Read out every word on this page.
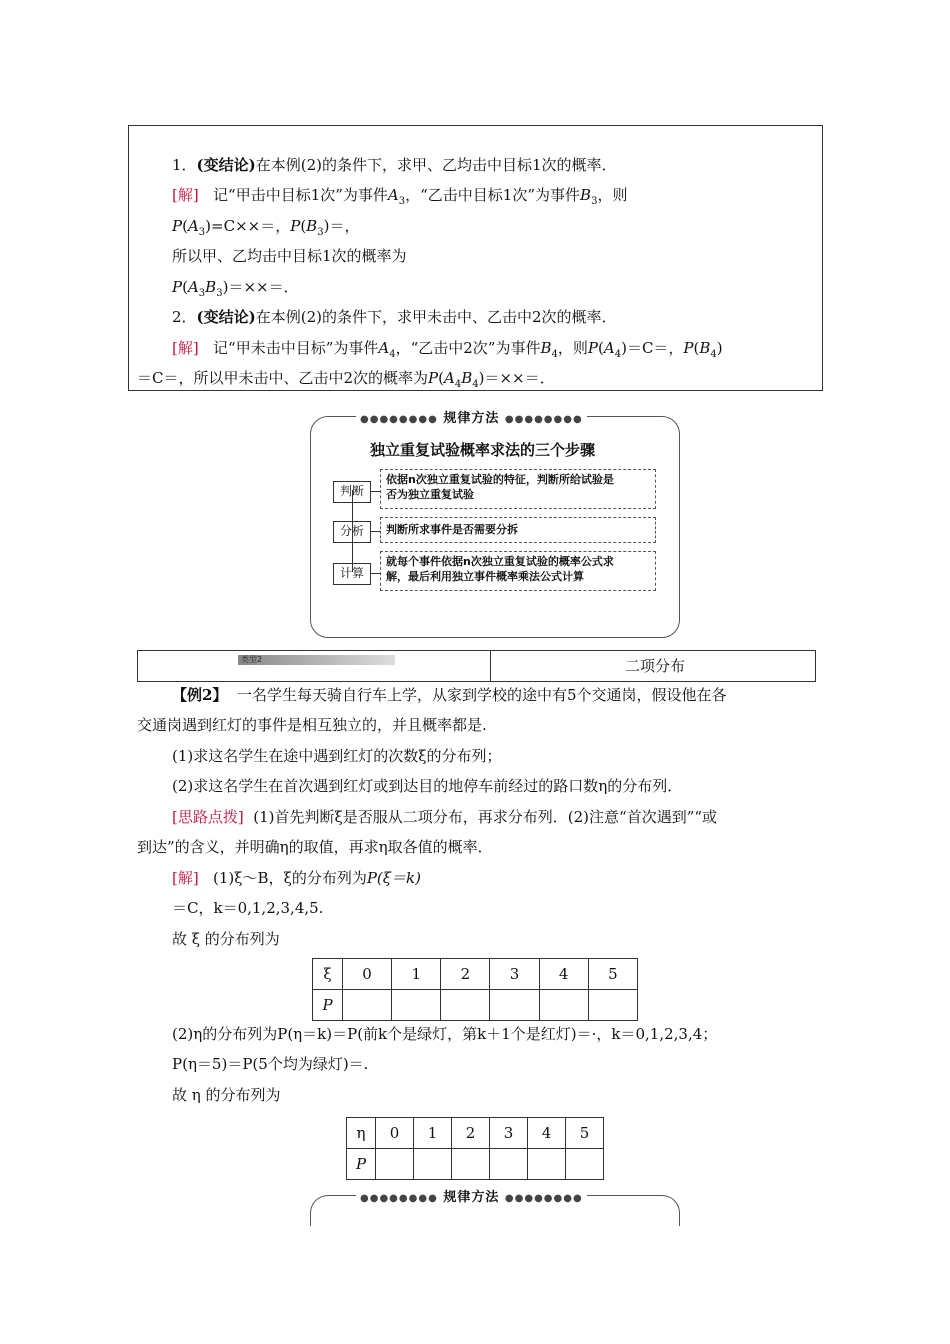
1．(变结论)在本例(2)的条件下，求甲、乙均击中目标1次的概率．
[解] 记“甲击中目标1次”为事件$A_3$，“乙击中目标1次”为事件$B_3$，则
$P(A_3)=C\times\times=$，$P(B_3)=$，
所以甲、乙均击中目标1次的概率为
$P(A_3B_3)=\times\times=$．
2．(变结论)在本例(2)的条件下，求甲未击中、乙击中2次的概率．
[解] 记“甲未击中目标”为事件$A_4$，“乙击中2次”为事件$B_4$，则$P(A_4)=C=$，$P(B_4)$
＝C＝，所以甲未击中、乙击中2次的概率为$P(A_4B_4)=\times\times=$．
●●●●●●●● 规律方法 ●●●●●●●●
独立重复试验概率求法的三个步骤
判断
分析
计算
依据n次独立重复试验的特征，判断所给试验是
否为独立重复试验
判断所求事件是否需要分拆
就每个事件依据n次独立重复试验的概率公式求
解，最后利用独立事件概率乘法公式计算
类型2	二项分布
【例2】 一名学生每天骑自行车上学，从家到学校的途中有5个交通岗，假设他在各
交通岗遇到红灯的事件是相互独立的，并且概率都是.
(1)求这名学生在途中遇到红灯的次数ξ的分布列；
(2)求这名学生在首次遇到红灯或到达目的地停车前经过的路口数η的分布列．
[思路点拨] (1)首先判断ξ是否服从二项分布，再求分布列．(2)注意“首次遇到”“或
到达”的含义，并明确η的取值，再求η取各值的概率．
[解] (1)ξ～B，ξ的分布列为P(ξ＝k)
＝C，k＝0,1,2,3,4,5.
故 ξ 的分布列为
ξ	0	1	2	3	4	5
P						
(2)η的分布列为P(η＝k)＝P(前k个是绿灯，第k＋1个是红灯)＝·，k＝0,1,2,3,4；
P(η＝5)＝P(5个均为绿灯)＝.
故 η 的分布列为
η	0	1	2	3	4	5
P						
●●●●●●●● 规律方法 ●●●●●●●●
